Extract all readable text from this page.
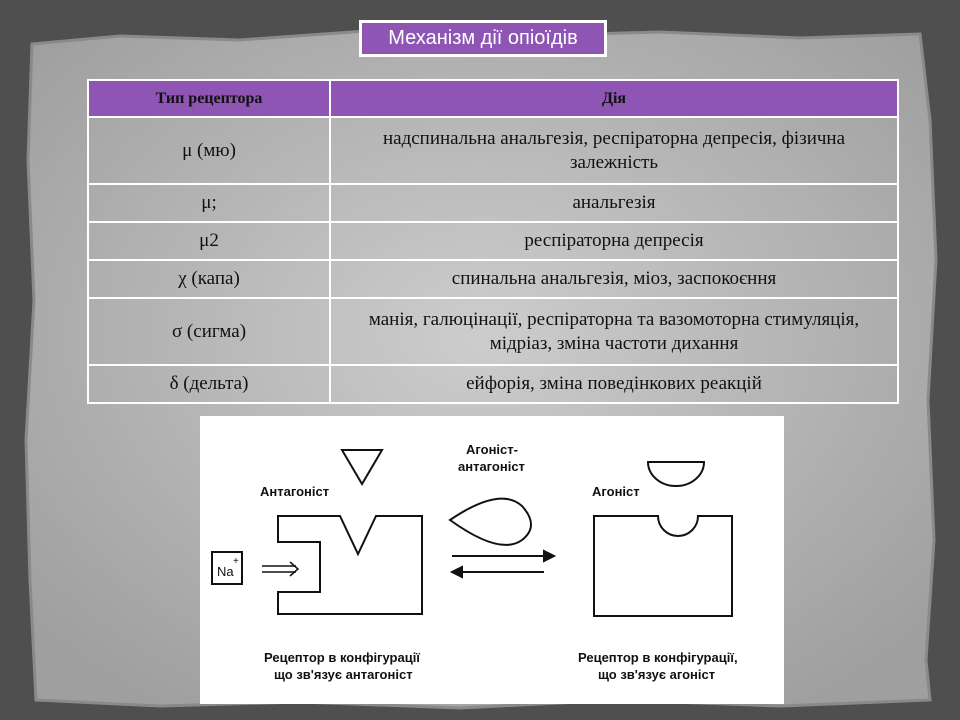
Механізм дії опіоїдів
Тип рецептора	Дія
μ (мю)	надспинальна анальгезія, респіраторна депресія, фізична залежність
μ;	анальгезія
μ2	респіраторна депресія
χ (капа)	спинальна анальгезія, міоз, заспокоєння
σ (сигма)	манія, галюцінації, респіраторна та вазомоторна стимуляція, мідріаз, зміна частоти дихання
δ (дельта)	ейфорія, зміна поведінкових реакцій
Антагоніст
Na
+
Агоніст-
антагоніст
Агоніст
Рецептор в конфігурації
що зв'язує антагоніст
Рецептор в конфігурації,
що зв'язує агоніст
